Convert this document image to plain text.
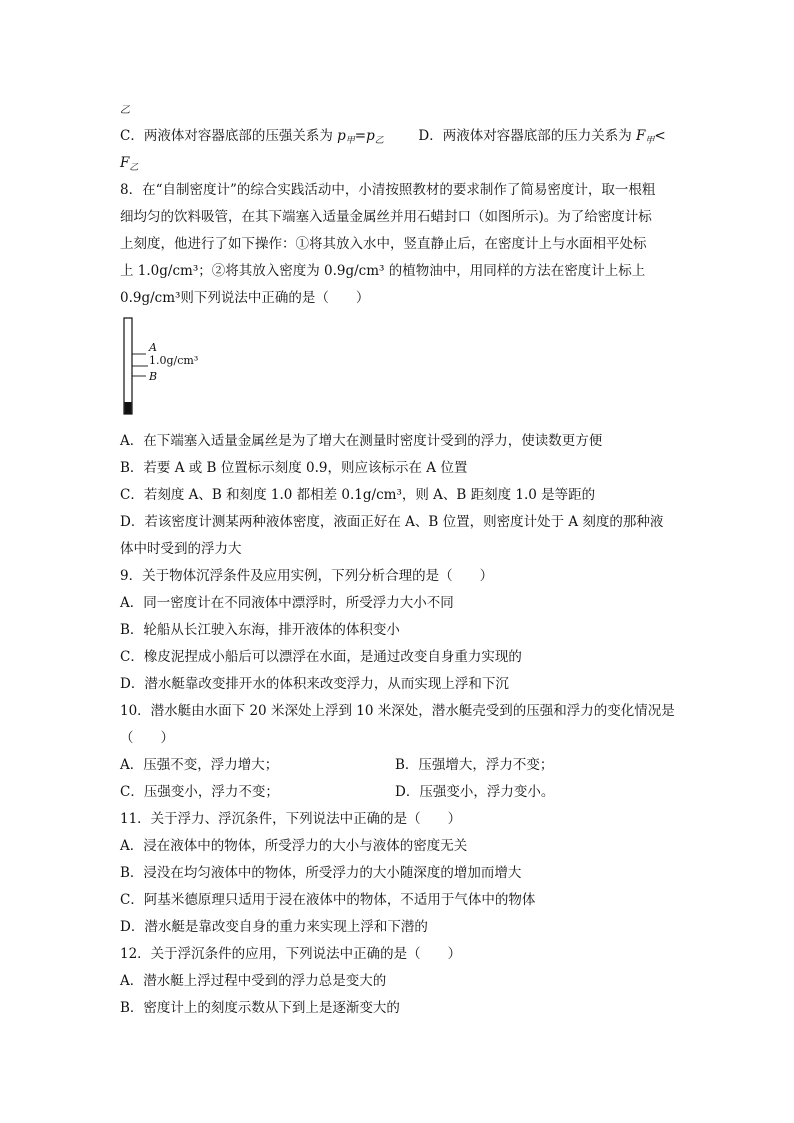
乙
C．两液体对容器底部的压强关系为 $p_甲=p_乙$	D．两液体对容器底部的压力关系为 $F_甲<$
$F_乙$
8．在“自制密度计”的综合实践活动中，小清按照教材的要求制作了简易密度计，取一根粗
细均匀的饮料吸管，在其下端塞入适量金属丝并用石蜡封口（如图所示)。为了给密度计标
上刻度，他进行了如下操作：①将其放入水中，竖直静止后，在密度计上与水面相平处标
上 1.0g/cm³；②将其放入密度为 0.9g/cm³ 的植物油中，用同样的方法在密度计上标上
0.9g/cm³则下列说法中正确的是（　　）
A
1.0g/cm³
B
A．在下端塞入适量金属丝是为了增大在测量时密度计受到的浮力，使读数更方便
B．若要 A 或 B 位置标示刻度 0.9，则应该标示在 A 位置
C．若刻度 A、B 和刻度 1.0 都相差 0.1g/cm³，则 A、B 距刻度 1.0 是等距的
D．若该密度计测某两种液体密度，液面正好在 A、B 位置，则密度计处于 A 刻度的那种液
体中时受到的浮力大
9．关于物体沉浮条件及应用实例，下列分析合理的是（　　）
A．同一密度计在不同液体中漂浮时，所受浮力大小不同
B．轮船从长江驶入东海，排开液体的体积变小
C．橡皮泥捏成小船后可以漂浮在水面，是通过改变自身重力实现的
D．潜水艇靠改变排开水的体积来改变浮力，从而实现上浮和下沉
10．潜水艇由水面下 20 米深处上浮到 10 米深处，潜水艇壳受到的压强和浮力的变化情况是
（　　）
A．压强不变，浮力增大；	B．压强增大，浮力不变；
C．压强变小，浮力不变；	D．压强变小，浮力变小。
11．关于浮力、浮沉条件，下列说法中正确的是（　　）
A．浸在液体中的物体，所受浮力的大小与液体的密度无关
B．浸没在均匀液体中的物体，所受浮力的大小随深度的增加而增大
C．阿基米德原理只适用于浸在液体中的物体，不适用于气体中的物体
D．潜水艇是靠改变自身的重力来实现上浮和下潜的
12．关于浮沉条件的应用，下列说法中正确的是（　　）
A．潜水艇上浮过程中受到的浮力总是变大的
B．密度计上的刻度示数从下到上是逐渐变大的
